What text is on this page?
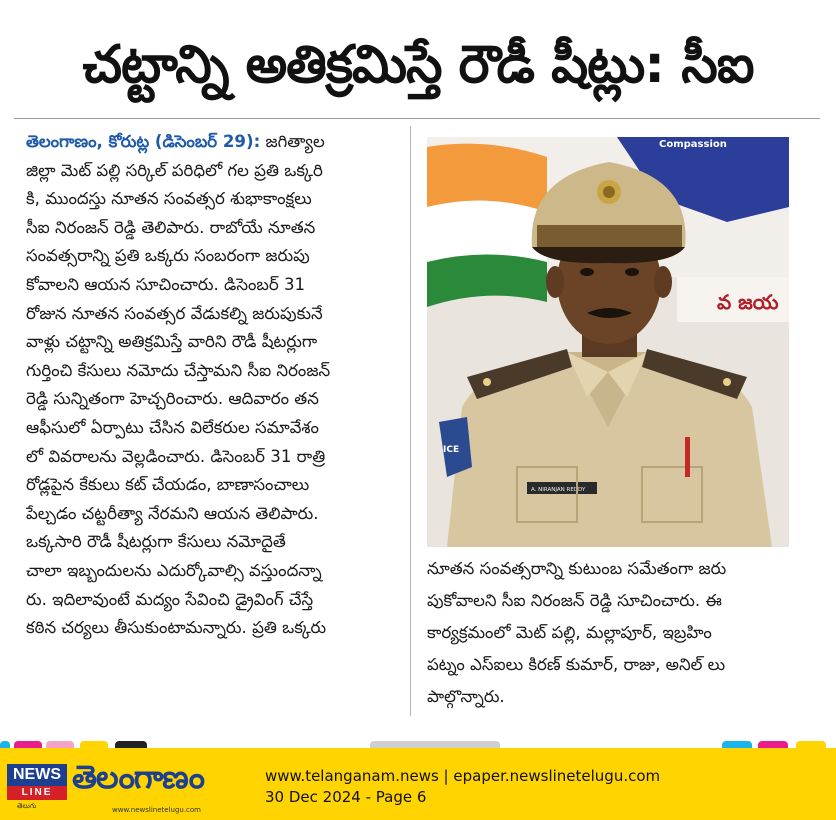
చట్టాన్ని అతిక్రమిస్తే రౌడీ షీట్లు: సీఐ
తెలంగాణం, కోరుట్ల (డిసెంబర్ 29): జగిత్యాల
జిల్లా మెట్ పల్లి సర్కిల్ పరిధిలో గల ప్రతి ఒక్కరి
కి, ముందస్తు నూతన సంవత్సర శుభాకాంక్షలు
సీఐ నిరంజన్ రెడ్డి తెలిపారు. రాబోయే నూతన
సంవత్సరాన్ని ప్రతి ఒక్కరు సంబరంగా జరుపు
కోవాలని ఆయన సూచించారు. డిసెంబర్ 31
రోజున నూతన సంవత్సర వేడుకల్ని జరుపుకునే
వాళ్లు చట్టాన్ని అతిక్రమిస్తే వారిని రౌడీ షీటర్లుగా
గుర్తించి కేసులు నమోదు చేస్తామని సీఐ నిరంజన్
రెడ్డి సున్నితంగా హెచ్చరించారు. ఆదివారం తన
ఆఫీసులో ఏర్పాటు చేసిన విలేకరుల సమావేశం
లో వివరాలను వెల్లడించారు. డిసెంబర్ 31 రాత్రి
రోడ్లపైన కేకులు కట్ చేయడం, బాణాసంచాలు
పేల్చడం చట్టరీత్యా నేరమని ఆయన తెలిపారు.
ఒక్కసారి రౌడీ షీటర్లుగా కేసులు నమోదైతే
చాలా ఇబ్బందులను ఎదుర్కోవాల్సి వస్తుందన్నా
రు. ఇదిలావుంటే మద్యం సేవించి డ్రైవింగ్ చేస్తే
కఠిన చర్యలు తీసుకుంటామన్నారు. ప్రతి ఒక్కరు
Compassion
వ జయ
ICE
A. NIRANJAN REDDY
నూతన సంవత్సరాన్ని కుటుంబ సమేతంగా జరు
పుకోవాలని సీఐ నిరంజన్ రెడ్డి సూచించారు. ఈ
కార్యక్రమంలో మెట్ పల్లి, మల్లాపూర్, ఇబ్రహిం
పట్నం ఎస్ఐలు కిరణ్ కుమార్, రాజు, అనిల్ లు
పాల్గొన్నారు.
NEWS
LINE
తెలుగు
తెలంగాణం
www.newslinetelugu.com
www.telanganam.news | epaper.newslinetelugu.com
30 Dec 2024 - Page 6
